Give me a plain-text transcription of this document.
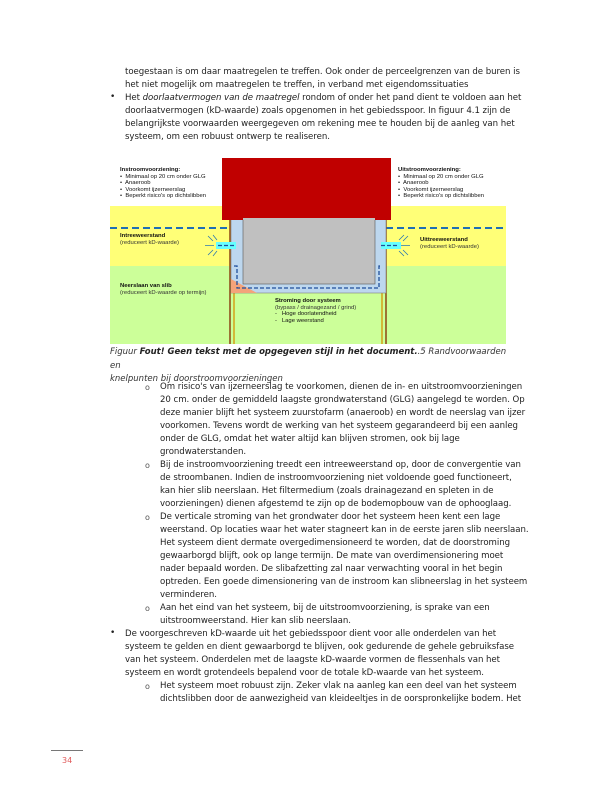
toegestaan is om daar maatregelen te treffen. Ook onder de perceelgrenzen van de buren is
het niet mogelijk om maatregelen te treffen, in verband met eigendomssituaties
• Het doorlaatvermogen van de maatregel rondom of onder het pand dient te voldoen aan het
doorlaatvermogen (kD-waarde) zoals opgenomen in het gebiedsspoor. In figuur 4.1 zijn de
belangrijkste voorwaarden weergegeven om rekening mee te houden bij de aanleg van het
systeem, om een robuust ontwerp te realiseren.
Instroomvoorziening:
•  Minimaal op 20 cm onder GLG
•  Anaeroob
•  Voorkomt ijzerneerslag
•  Beperkt risico's op dichtslibben
Uitstroomvoorziening:
•  Minimaal op 20 cm onder GLG
•  Anaeroob
•  Voorkomt ijzerneerslag
•  Beperkt risico's op dichtslibben
Intreeweerstand
(reduceert kD-waarde)	Uittreeweerstand
(reduceert kD-waarde)
Neerslaan van slib
(reduceert kD-waarde op termijn)
Stroming door systeem
(bypass / drainagezand / grind)
-   Hoge doorlatendheid
-   Lage weerstand
Figuur Fout! Geen tekst met de opgegeven stijl in het document..5 Randvoorwaarden en
knelpunten bij doorstroomvoorzieningen
o Om risico's van ijzerneerslag te voorkomen, dienen de in- en uitstroomvoorzieningen
20 cm. onder de gemiddeld laagste grondwaterstand (GLG) aangelegd te worden. Op
deze manier blijft het systeem zuurstofarm (anaeroob) en wordt de neerslag van ijzer
voorkomen. Tevens wordt de werking van het systeem gegarandeerd bij een aanleg
onder de GLG, omdat het water altijd kan blijven stromen, ook bij lage
grondwaterstanden.
o Bij de instroomvoorziening treedt een intreeweerstand op, door de convergentie van
de stroombanen. Indien de instroomvoorziening niet voldoende goed functioneert,
kan hier slib neerslaan. Het filtermedium (zoals drainagezand en spleten in de
voorzieningen) dienen afgestemd te zijn op de bodemopbouw van de ophooglaag.
o De verticale stroming van het grondwater door het systeem heen kent een lage
weerstand. Op locaties waar het water stagneert kan in de eerste jaren slib neerslaan.
Het systeem dient dermate overgedimensioneerd te worden, dat de doorstroming
gewaarborgd blijft, ook op lange termijn. De mate van overdimensionering moet
nader bepaald worden. De slibafzetting zal naar verwachting vooral in het begin
optreden. Een goede dimensionering van de instroom kan slibneerslag in het systeem
verminderen.
o Aan het eind van het systeem, bij de uitstroomvoorziening, is sprake van een
uitstroomweerstand. Hier kan slib neerslaan.
• De voorgeschreven kD-waarde uit het gebiedsspoor dient voor alle onderdelen van het
systeem te gelden en dient gewaarborgd te blijven, ook gedurende de gehele gebruiksfase
van het systeem. Onderdelen met de laagste kD-waarde vormen de flessenhals van het
systeem en wordt grotendeels bepalend voor de totale kD-waarde van het systeem.
o Het systeem moet robuust zijn. Zeker vlak na aanleg kan een deel van het systeem
dichtslibben door de aanwezigheid van kleideeltjes in de oorspronkelijke bodem. Het
34
